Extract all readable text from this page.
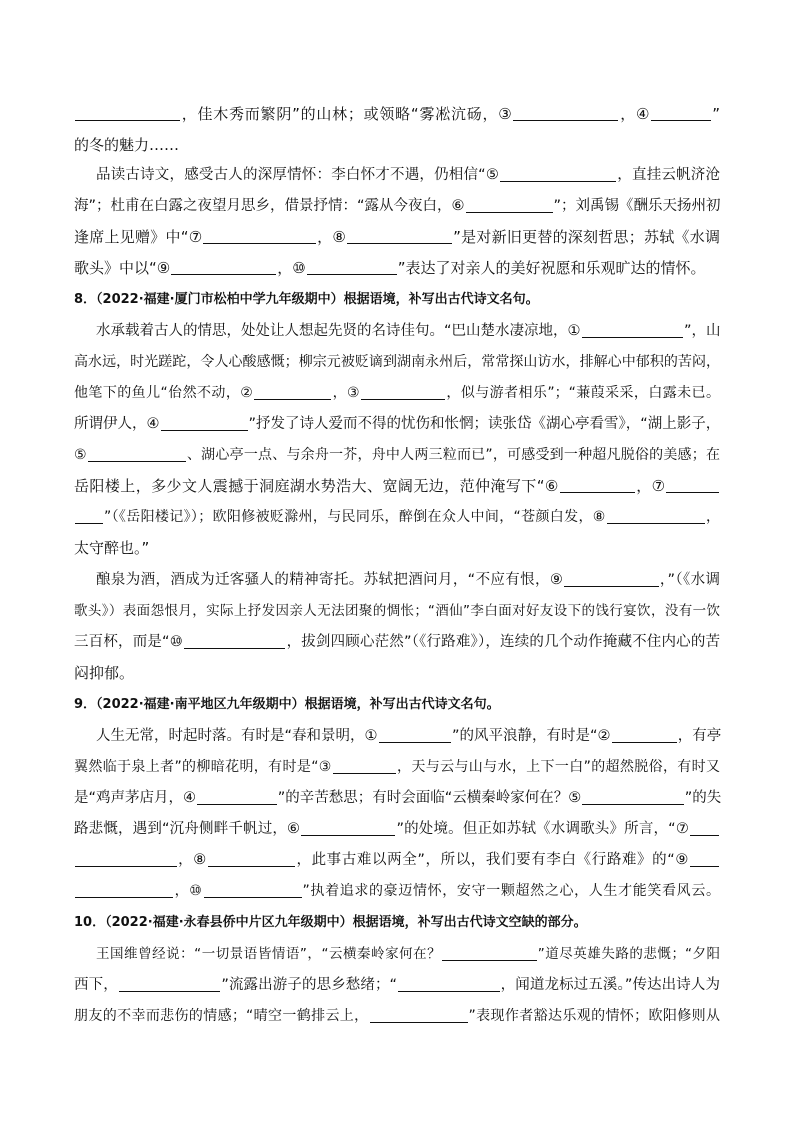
，佳木秀而繁阴”的山林；或领略“雾凇沆砀，③	，④	”
的冬的魅力……
品读古诗文，感受古人的深厚情怀：李白怀才不遇，仍相信“⑤	，直挂云帆济沧
海”；杜甫在白露之夜望月思乡，借景抒情：“露从今夜白，⑥	”；刘禹锡《酬乐天扬州初
逢席上见赠》中“⑦	，⑧	”是对新旧更替的深刻哲思；苏轼《水调
歌头》中以“⑨	，⑩	”表达了对亲人的美好祝愿和乐观旷达的情怀。
8．（2022·福建·厦门市松柏中学九年级期中）根据语境，补写出古代诗文名句。
水承载着古人的情思，处处让人想起先贤的名诗佳句。“巴山楚水凄凉地，①	”，山
高水远，时光蹉跎，令人心酸感慨；柳宗元被贬谪到湖南永州后，常常探山访水，排解心中郁积的苦闷，
他笔下的鱼儿“佁然不动，②	，③	，似与游者相乐”；“蒹葭采采，白露未已。
所谓伊人，④	”抒发了诗人爱而不得的忧伤和怅惘；读张岱《湖心亭看雪》，“湖上影子，
⑤	、湖心亭一点、与余舟一芥，舟中人两三粒而已”，可感受到一种超凡脱俗的美感；在
岳阳楼上，多少文人震撼于洞庭湖水势浩大、宽阔无边，范仲淹写下“⑥	，⑦
”（《岳阳楼记》）；欧阳修被贬滁州，与民同乐，醉倒在众人中间，“苍颜白发，⑧	，
太守醉也。”
酿泉为酒，酒成为迁客骚人的精神寄托。苏轼把酒问月，“不应有恨，⑨	，”（《水调
歌头》）表面怨恨月，实际上抒发因亲人无法团聚的惆怅；“酒仙”李白面对好友设下的饯行宴饮，没有一饮
三百杯，而是“⑩	，拔剑四顾心茫然”（《行路难》），连续的几个动作掩藏不住内心的苦
闷抑郁。
9．（2022·福建·南平地区九年级期中）根据语境，补写出古代诗文名句。
人生无常，时起时落。有时是“春和景明，①	”的风平浪静，有时是“②	，有亭
翼然临于泉上者”的柳暗花明，有时是“③	，天与云与山与水，上下一白”的超然脱俗，有时又
是“鸡声茅店月，④	”的辛苦愁思；有时会面临“云横秦岭家何在？⑤	”的失
路悲慨，遇到“沉舟侧畔千帆过，⑥	”的处境。但正如苏轼《水调歌头》所言，“⑦
，⑧	，此事古难以两全”，所以，我们要有李白《行路难》的“⑨
，⑩	”执着追求的豪迈情怀，安守一颗超然之心，人生才能笑看风云。
10．（2022·福建·永春县侨中片区九年级期中）根据语境，补写出古代诗文空缺的部分。
王国维曾经说：“一切景语皆情语”，“云横秦岭家何在？	”道尽英雄失路的悲慨；“夕阳
西下，	”流露出游子的思乡愁绪；“	，闻道龙标过五溪。”传达出诗人为
朋友的不幸而悲伤的情感；“晴空一鹤排云上，	”表现作者豁达乐观的情怀；欧阳修则从
